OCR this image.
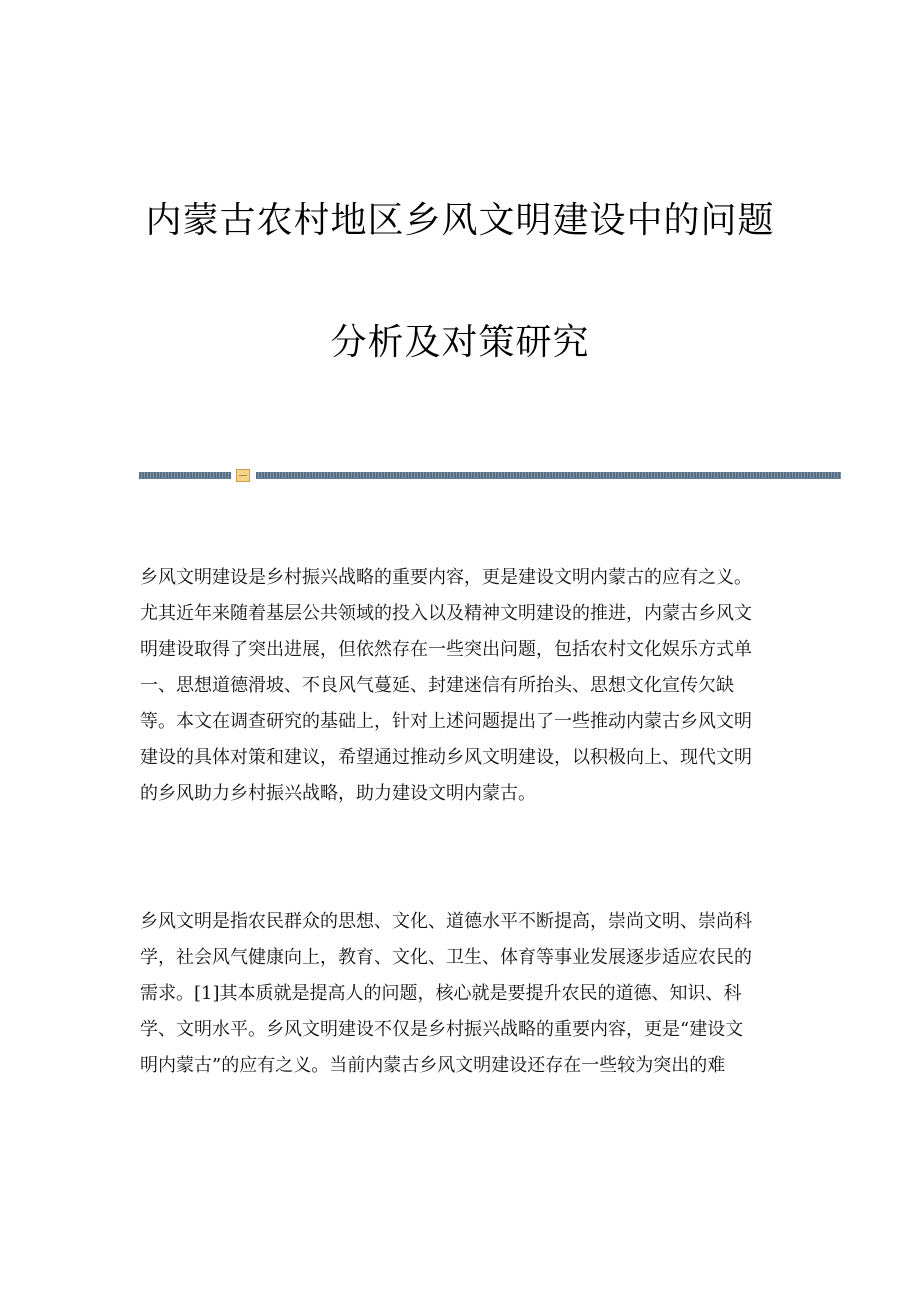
内蒙古农村地区乡风文明建设中的问题
分析及对策研究
乡风文明建设是乡村振兴战略的重要内容，更是建设文明内蒙古的应有之义。
尤其近年来随着基层公共领域的投入以及精神文明建设的推进，内蒙古乡风文
明建设取得了突出进展，但依然存在一些突出问题，包括农村文化娱乐方式单
一、思想道德滑坡、不良风气蔓延、封建迷信有所抬头、思想文化宣传欠缺
等。本文在调查研究的基础上，针对上述问题提出了一些推动内蒙古乡风文明
建设的具体对策和建议，希望通过推动乡风文明建设，以积极向上、现代文明
的乡风助力乡村振兴战略，助力建设文明内蒙古。
乡风文明是指农民群众的思想、文化、道德水平不断提高，崇尚文明、崇尚科
学，社会风气健康向上，教育、文化、卫生、体育等事业发展逐步适应农民的
需求。[1]其本质就是提高人的问题，核心就是要提升农民的道德、知识、科
学、文明水平。乡风文明建设不仅是乡村振兴战略的重要内容，更是“建设文
明内蒙古”的应有之义。当前内蒙古乡风文明建设还存在一些较为突出的难
